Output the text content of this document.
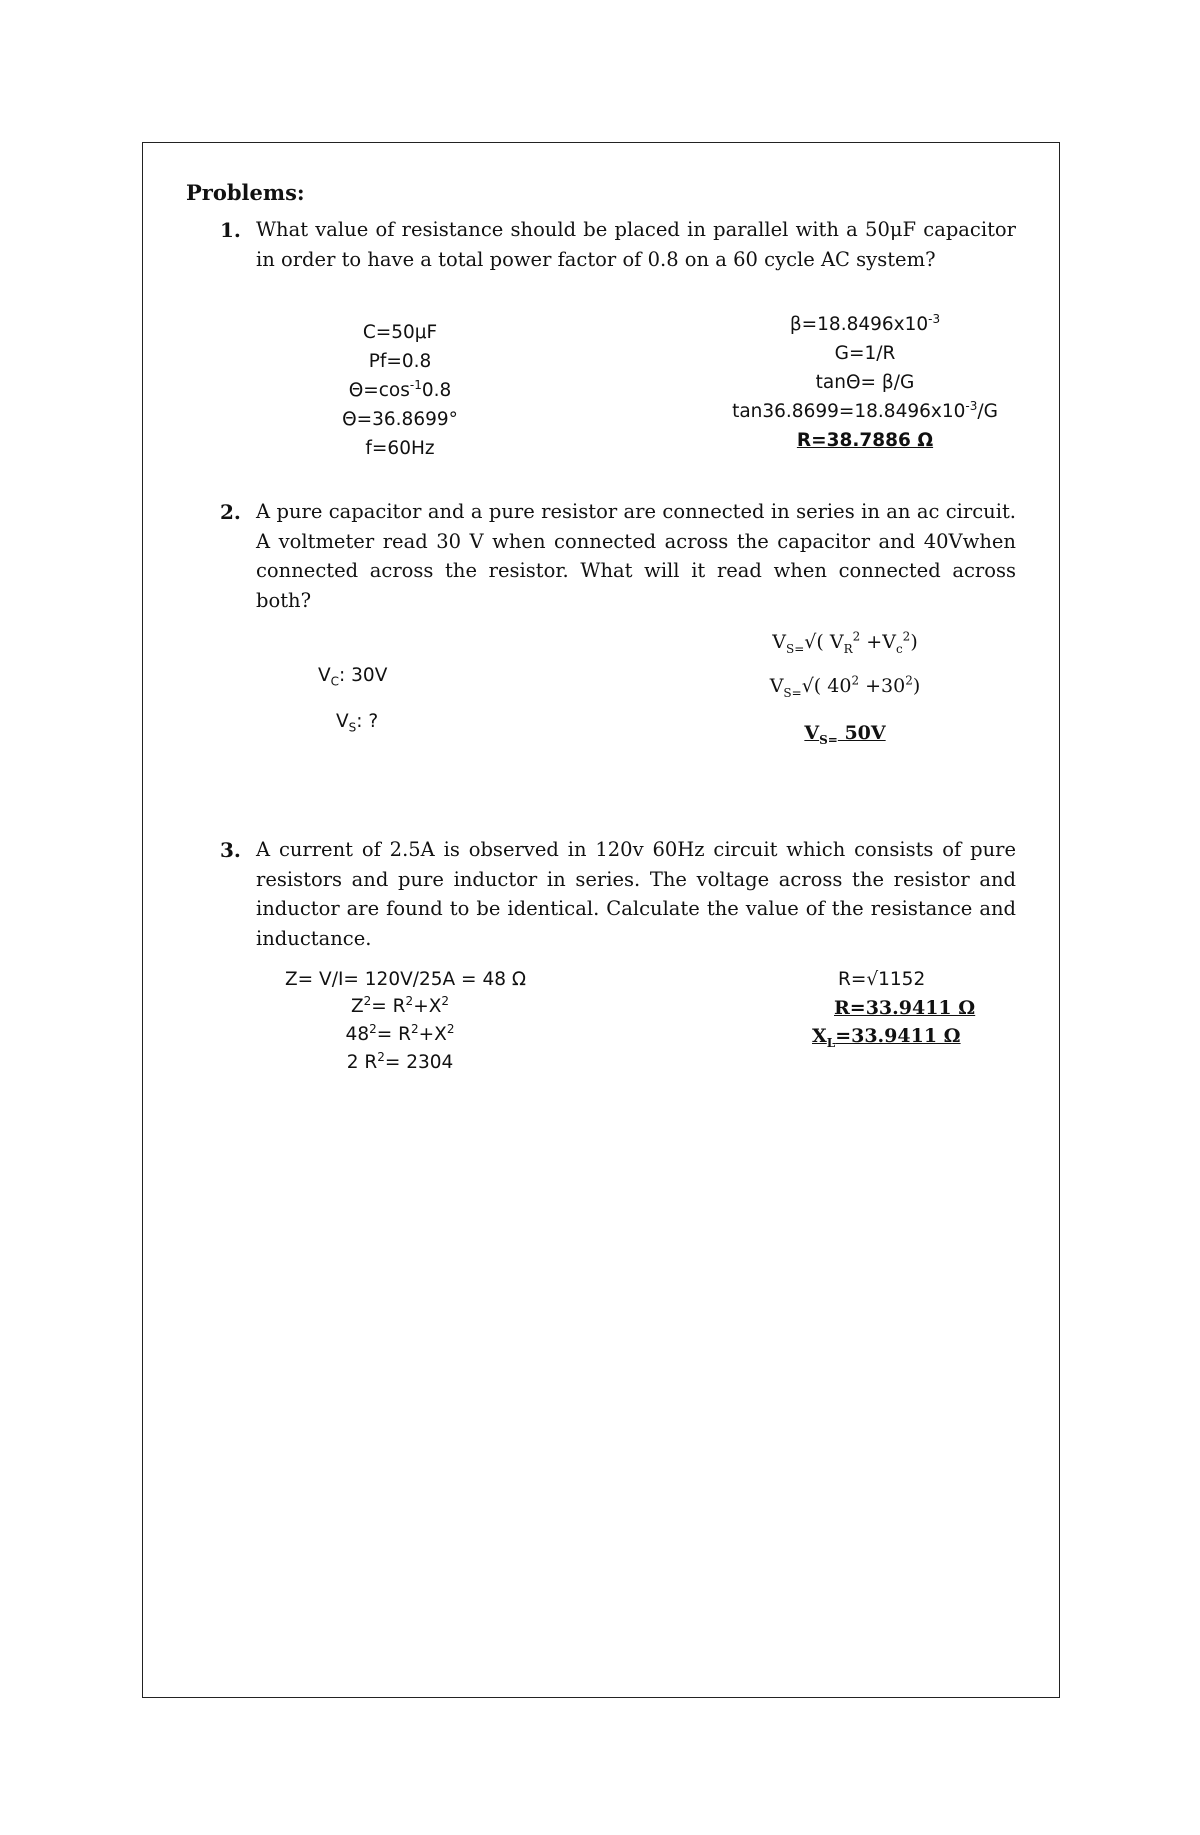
Problems:
1. What value of resistance should be placed in parallel with a 50μF capacitor in order to have a total power factor of 0.8 on a 60 cycle AC system?
C=50μF
Pf=0.8
$\Theta=\cos^{-1}0.8$
Θ=36.8699°
f=60Hz
$\beta=18.8496x10^{-3}$
G=1/R
tanΘ= β/G
$\tan 36.8699=18.8496x10^{-3}/G$
R=38.7886 Ω
2. A pure capacitor and a pure resistor are connected in series in an ac circuit. A voltmeter read 30 V when connected across the capacitor and 40Vwhen connected across the resistor. What will it read when connected across both?
$V_C$: 30V
$V_S$: ?
$V_{S=}√$( $V_R^2 +V_c^2$)
$V_{S=}√$( $40^2 +30^2$)
$V_{S=}$ 50V
3. A current of 2.5A is observed in 120v 60Hz circuit which consists of pure resistors and pure inductor in series. The voltage across the resistor and inductor are found to be identical. Calculate the value of the resistance and inductance.
Z= V/I= 120V/25A = 48 Ω
$Z^2= R^2+X^2$
$48^2= R^2+X^2$
2 $R^2= 2304$
R=√1152
R=33.9411 Ω
$X_L=33.9411$ Ω
